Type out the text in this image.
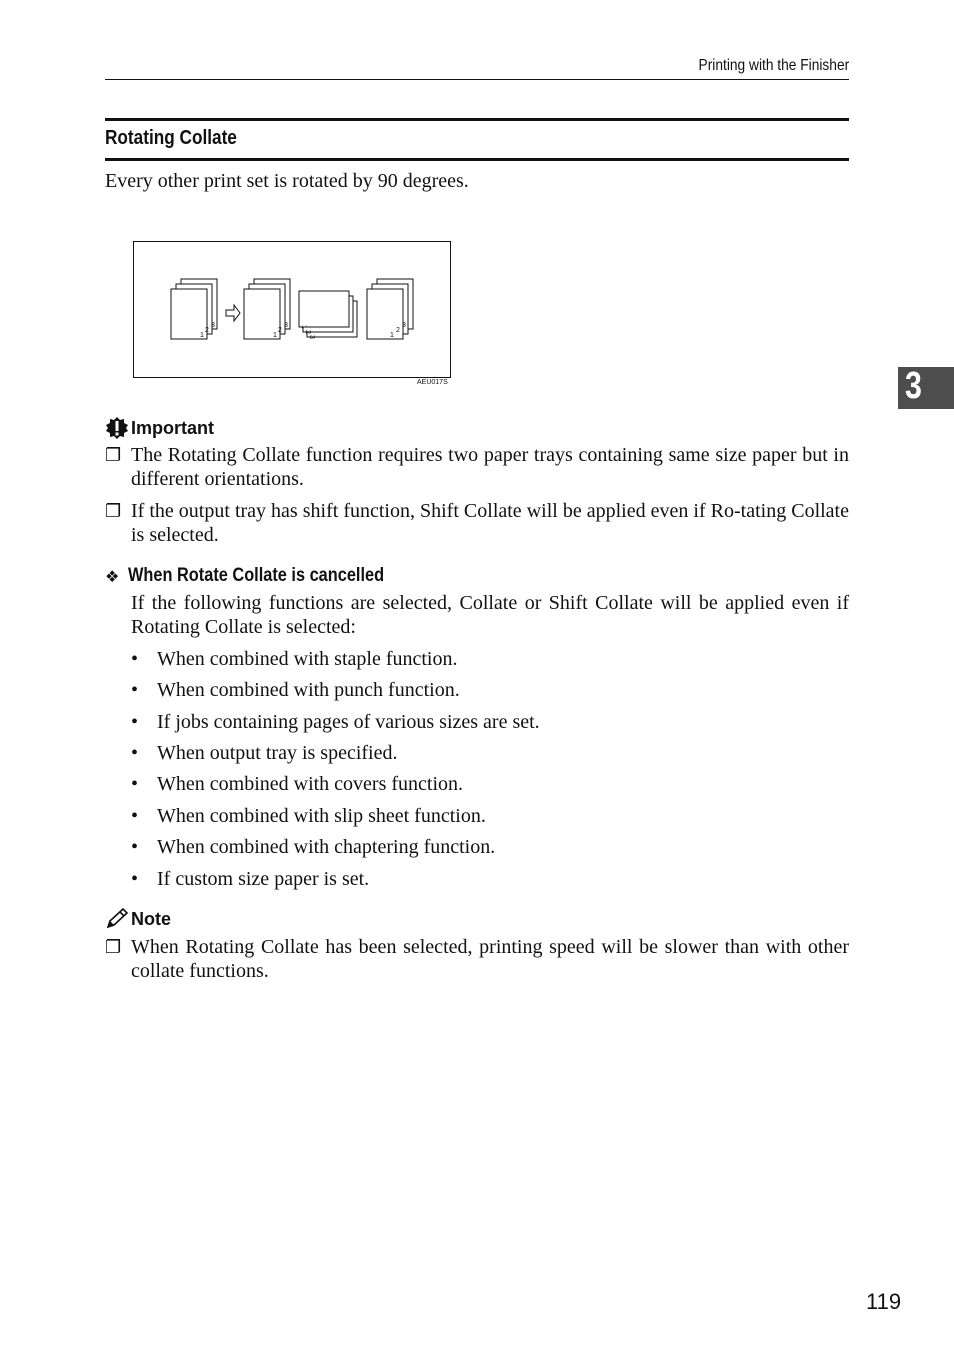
Printing with the Finisher
Rotating Collate
Every other print set is rotated by 90 degrees.
1
2
3
1
2
3
1
2
3
1
2
3
AEU017S
Important
❐ The Rotating Collate function requires two paper trays containing same size paper but in different orientations.
❐ If the output tray has shift function, Shift Collate will be applied even if Ro-tating Collate is selected.
❖ When Rotate Collate is cancelled
If the following functions are selected, Collate or Shift Collate will be applied even if Rotating Collate is selected:
• When combined with staple function.
• When combined with punch function.
• If jobs containing pages of various sizes are set.
• When output tray is specified.
• When combined with covers function.
• When combined with slip sheet function.
• When combined with chaptering function.
• If custom size paper is set.
Note
❐ When Rotating Collate has been selected, printing speed will be slower than with other collate functions.
3
119
